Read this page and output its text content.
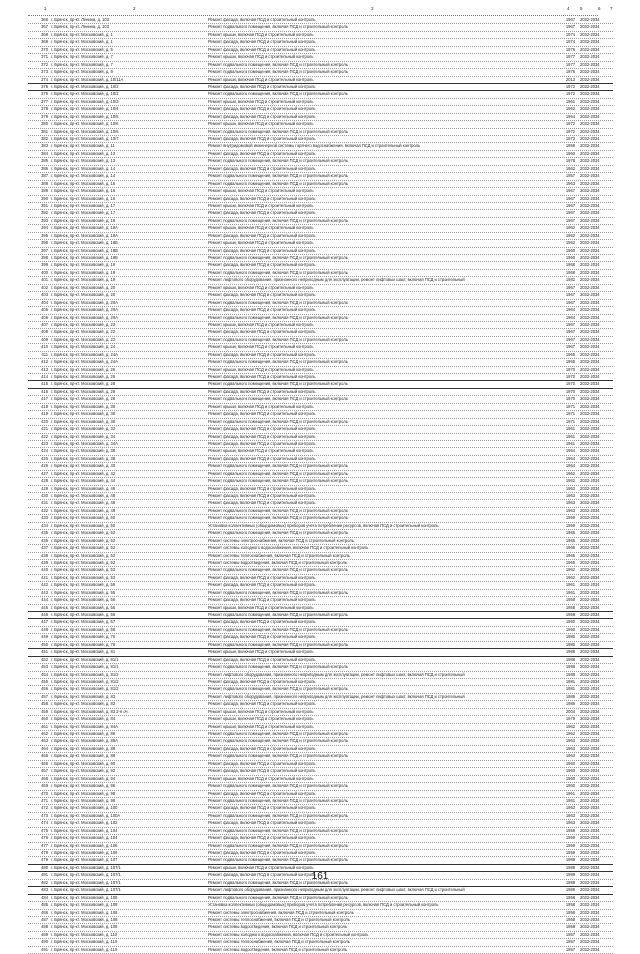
1	2	3	4 5	6 7
366 г. Брянск, пр-кт. Ленина, д. 103	Ремонт фасада, включая ПСД и строительный контроль	1967 2032-2034
367 г. Брянск, пр-кт. Ленина, д. 103	Ремонт подвального помещения, включая ПСД и строительный контроль	1967 2032-2034
368 г. Брянск, пр-кт. Московский, д. 1	Ремонт крыши, включая ПСД и строительный контроль	1974 2032-2034
369 г. Брянск, пр-кт. Московский, д. 1	Ремонт фасада, включая ПСД и строительный контроль	1974 2032-2034
370 г. Брянск, пр-кт. Московский, д. 5	Ремонт фасада, включая ПСД и строительный контроль	1976 2032-2034
371 г. Брянск, пр-кт. Московский, д. 7	Ремонт крыши, включая ПСД и строительный контроль	1977 2032-2034
372 г. Брянск, пр-кт. Московский, д. 7	Ремонт подвального помещения, включая ПСД и строительный контроль	1977 2032-2034
373 г. Брянск, пр-кт. Московский, д. 9	Ремонт подвального помещения, включая ПСД и строительный контроль	1976 2032-2034
374 г. Брянск, пр-кт. Московский, д. 10/11А	Ремонт крыши, включая ПСД и строительный контроль	2013 2032-2034
375 г. Брянск, пр-кт. Московский, д. 10/2	Ремонт фасада, включая ПСД и строительный контроль	1972 2032-2034
376 г. Брянск, пр-кт. Московский, д. 10/2	Ремонт подвального помещения, включая ПСД и строительный контроль	1972 2032-2034
377 г. Брянск, пр-кт. Московский, д. 10/3	Ремонт крыши, включая ПСД и строительный контроль	1961 2032-2034
378 г. Брянск, пр-кт. Московский, д. 10/4	Ремонт фасада, включая ПСД и строительный контроль	1962 2032-2034
379 г. Брянск, пр-кт. Московский, д. 10/5	Ремонт фасада, включая ПСД и строительный контроль	1964 2032-2034
380 г. Брянск, пр-кт. Московский, д. 10/6	Ремонт крыши, включая ПСД и строительный контроль	1972 2032-2034
381 г. Брянск, пр-кт. Московский, д. 10/6	Ремонт подвального помещения, включая ПСД и строительный контроль	1972 2032-2034
382 г. Брянск, пр-кт. Московский, д. 10/7	Ремонт фасада, включая ПСД и строительный контроль	1972 2032-2034
383 г. Брянск, пр-кт. Московский, д. 11	Ремонт внутридомовой инженерной системы горячего водоснабжения, включая ПСД и строительный контроль	1959 2032-2034
384 г. Брянск, пр-кт. Московский, д. 13	Ремонт фасада, включая ПСД и строительный контроль	1960 2032-2034
385 г. Брянск, пр-кт. Московский, д. 13	Ремонт подвального помещения, включая ПСД и строительный контроль	1978 2032-2034
386 г. Брянск, пр-кт. Московский, д. 14	Ремонт фасада, включая ПСД и строительный контроль	1962 2032-2034
387 г. Брянск, пр-кт. Московский, д. 14	Ремонт подвального помещения, включая ПСД и строительный контроль	1957 2032-2034
388 г. Брянск, пр-кт. Московский, д. 15	Ремонт подвального помещения, включая ПСД и строительный контроль	1963 2032-2034
389 г. Брянск, пр-кт. Московский, д. 16	Ремонт крыши, включая ПСД и строительный контроль	1967 2032-2034
390 г. Брянск, пр-кт. Московский, д. 16	Ремонт фасада, включая ПСД и строительный контроль	1967 2032-2034
391 г. Брянск, пр-кт. Московский, д. 17	Ремонт крыши, включая ПСД и строительный контроль	1967 2032-2034
392 г. Брянск, пр-кт. Московский, д. 17	Ремонт фасада, включая ПСД и строительный контроль	1967 2032-2034
393 г. Брянск, пр-кт. Московский, д. 18	Ремонт подвального помещения, включая ПСД и строительный контроль	1967 2032-2034
394 г. Брянск, пр-кт. Московский, д. 18А	Ремонт крыши, включая ПСД и строительный контроль	1962 2032-2034
395 г. Брянск, пр-кт. Московский, д. 18А	Ремонт фасада, включая ПСД и строительный контроль	1962 2032-2034
396 г. Брянск, пр-кт. Московский, д. 18Б	Ремонт крыши, включая ПСД и строительный контроль	1962 2032-2034
397 г. Брянск, пр-кт. Московский, д. 18В	Ремонт фасада, включая ПСД и строительный контроль	1960 2032-2034
398 г. Брянск, пр-кт. Московский, д. 18Б	Ремонт подвального помещения, включая ПСД и строительный контроль	1960 2032-2034
399 г. Брянск, пр-кт. Московский, д. 19	Ремонт фасада, включая ПСД и строительный контроль	1968 2032-2034
400 г. Брянск, пр-кт. Московский, д. 19	Ремонт подвального помещения, включая ПСД и строительный контроль	1968 2032-2034
401 г. Брянск, пр-кт. Московский, д. 19	Ремонт лифтового оборудования, признанного непригодным для эксплуатации, ремонт лифтовых шахт, включая ПСД и строительный	1982 2032-2034
402 г. Брянск, пр-кт. Московский, д. 20	Ремонт крыши, включая ПСД и строительный контроль	1967 2032-2034
403 г. Брянск, пр-кт. Московский, д. 20	Ремонт фасада, включая ПСД и строительный контроль	1967 2032-2034
404 г. Брянск, пр-кт. Московский, д. 20А	Ремонт подвального помещения, включая ПСД и строительный контроль	1967 2032-2034
405 г. Брянск, пр-кт. Московский, д. 20А	Ремонт фасада, включая ПСД и строительный контроль	1964 2032-2034
406 г. Брянск, пр-кт. Московский, д. 20А	Ремонт подвального помещения, включая ПСД и строительный контроль	1964 2032-2034
407 г. Брянск, пр-кт. Московский, д. 22	Ремонт крыши, включая ПСД и строительный контроль	1967 2032-2034
408 г. Брянск, пр-кт. Московский, д. 22	Ремонт фасада, включая ПСД и строительный контроль	1967 2032-2034
409 г. Брянск, пр-кт. Московский, д. 22	Ремонт подвального помещения, включая ПСД и строительный контроль	1967 2032-2034
410 г. Брянск, пр-кт. Московский, д. 24	Ремонт крыши, включая ПСД и строительный контроль	1967 2032-2034
411 г. Брянск, пр-кт. Московский, д. 24А	Ремонт фасада, включая ПСД и строительный контроль	1965 2032-2034
412 г. Брянск, пр-кт. Московский, д. 24А	Ремонт подвального помещения, включая ПСД и строительный контроль	1965 2032-2034
413 г. Брянск, пр-кт. Московский, д. 26	Ремонт крыши, включая ПСД и строительный контроль	1970 2032-2034
414 г. Брянск, пр-кт. Московский, д. 26	Ремонт фасада, включая ПСД и строительный контроль	1970 2032-2034
415 г. Брянск, пр-кт. Московский, д. 28	Ремонт подвального помещения, включая ПСД и строительный контроль	1970 2032-2034
416 г. Брянск, пр-кт. Московский, д. 28	Ремонт фасада, включая ПСД и строительный контроль	1970 2032-2034
417 г. Брянск, пр-кт. Московский, д. 28	Ремонт подвального помещения, включая ПСД и строительный контроль	1970 2032-2034
418 г. Брянск, пр-кт. Московский, д. 30	Ремонт крыши, включая ПСД и строительный контроль	1971 2032-2034
419 г. Брянск, пр-кт. Московский, д. 30	Ремонт фасада, включая ПСД и строительный контроль	1971 2032-2034
420 г. Брянск, пр-кт. Московский, д. 30	Ремонт подвального помещения, включая ПСД и строительный контроль	1971 2032-2034
421 г. Брянск, пр-кт. Московский, д. 32	Ремонт фасада, включая ПСД и строительный контроль	1961 2032-2034
422 г. Брянск, пр-кт. Московский, д. 34	Ремонт фасада, включая ПСД и строительный контроль	1961 2032-2034
423 г. Брянск, пр-кт. Московский, д. 34А	Ремонт фасада, включая ПСД и строительный контроль	1961 2032-2034
424 г. Брянск, пр-кт. Московский, д. 38	Ремонт крыши, включая ПСД и строительный контроль	1964 2032-2034
425 г. Брянск, пр-кт. Московский, д. 38	Ремонт фасада, включая ПСД и строительный контроль	1964 2032-2034
426 г. Брянск, пр-кт. Московский, д. 40	Ремонт подвального помещения, включая ПСД и строительный контроль	1964 2032-2034
427 г. Брянск, пр-кт. Московский, д. 42	Ремонт подвального помещения, включая ПСД и строительный контроль	1962 2032-2034
428 г. Брянск, пр-кт. Московский, д. 44	Ремонт подвального помещения, включая ПСД и строительный контроль	1962 2032-2034
429 г. Брянск, пр-кт. Московский, д. 46	Ремонт фасада, включая ПСД и строительный контроль	1963 2032-2034
430 г. Брянск, пр-кт. Московский, д. 48	Ремонт фасада, включая ПСД и строительный контроль	1963 2032-2034
431 г. Брянск, пр-кт. Московский, д. 48	Ремонт фасада, включая ПСД и строительный контроль	1963 2032-2034
432 г. Брянск, пр-кт. Московский, д. 48	Ремонт подвального помещения, включая ПСД и строительный контроль	1963 2032-2034
433 г. Брянск, пр-кт. Московский, д. 50	Ремонт подвального помещения, включая ПСД и строительный контроль	1959 2032-2034
434 г. Брянск, пр-кт. Московский, д. 50	Установка коллективных (общедомовых) приборов учета потребления ресурсов, включая ПСД и строительный контроль	1959 2032-2034
435 г. Брянск, пр-кт. Московский, д. 52	Ремонт подвального помещения, включая ПСД и строительный контроль	1965 2032-2034
436 г. Брянск, пр-кт. Московский, д. 52	Ремонт системы электроснабжения, включая ПСД и строительный контроль	1965 2032-2034
437 г. Брянск, пр-кт. Московский, д. 52	Ремонт системы холодного водоснабжения, включая ПСД и строительный контроль	1965 2032-2034
438 г. Брянск, пр-кт. Московский, д. 52	Ремонт системы теплоснабжения, включая ПСД и строительный контроль	1965 2032-2034
439 г. Брянск, пр-кт. Московский, д. 52	Ремонт системы водоотведения, включая ПСД и строительный контроль	1965 2032-2034
440 г. Брянск, пр-кт. Московский, д. 53	Ремонт подвального помещения, включая ПСД и строительный контроль	1962 2032-2034
441 г. Брянск, пр-кт. Московский, д. 53	Ремонт фасада, включая ПСД и строительный контроль	1962 2032-2034
442 г. Брянск, пр-кт. Московский, д. 55	Ремонт фасада, включая ПСД и строительный контроль	1961 2032-2034
443 г. Брянск, пр-кт. Московский, д. 55	Ремонт подвального помещения, включая ПСД и строительный контроль	1961 2032-2034
444 г. Брянск, пр-кт. Московский, д. 56	Ремонт фасада, включая ПСД и строительный контроль	1958 2032-2034
445 г. Брянск, пр-кт. Московский, д. 56	Ремонт крыши, включая ПСД и строительный контроль	1958 2032-2034
446 г. Брянск, пр-кт. Московский, д. 56	Ремонт подвального помещения, включая ПСД и строительный контроль	1958 2032-2034
447 г. Брянск, пр-кт. Московский, д. 57	Ремонт фасада, включая ПСД и строительный контроль	1960 2032-2034
448 г. Брянск, пр-кт. Московский, д. 58	Ремонт подвального помещения, включая ПСД и строительный контроль	1960 2032-2034
449 г. Брянск, пр-кт. Московский, д. 76	Ремонт фасада, включая ПСД и строительный контроль	1980 2032-2034
450 г. Брянск, пр-кт. Московский, д. 78	Ремонт подвального помещения, включая ПСД и строительный контроль	1980 2032-2034
451 г. Брянск, пр-кт. Московский, д. 81	Ремонт крыши, включая ПСД и строительный контроль	1988 2032-2034
452 г. Брянск, пр-кт. Московский, д. 81/1	Ремонт фасада, включая ПСД и строительный контроль	1988 2032-2034
453 г. Брянск, пр-кт. Московский, д. 81/1	Ремонт подвального помещения, включая ПСД и строительный контроль	1988 2032-2034
454 г. Брянск, пр-кт. Московский, д. 81/2	Ремонт лифтового оборудования, признанного непригодным для эксплуатации, ремонт лифтовых шахт, включая ПСД и строительный	1988 2032-2034
455 г. Брянск, пр-кт. Московский, д. 81/2	Ремонт фасада, включая ПСД и строительный контроль	1981 2032-2034
456 г. Брянск, пр-кт. Московский, д. 81/2	Ремонт подвального помещения, включая ПСД и строительный контроль	1981 2032-2034
457 г. Брянск, пр-кт. Московский, д. 83	Ремонт лифтового оборудования, признанного непригодным для эксплуатации, ремонт лифтовых шахт, включая ПСД и строительный	1986 2032-2034
458 г. Брянск, пр-кт. Московский, д. 83	Ремонт фасада, включая ПСД и строительный контроль	1986 2032-2034
459 г. Брянск, пр-кт. Московский, д. 83 2-я оч.	Ремонт крыши, включая ПСД и строительный контроль	2004 2032-2034
460 г. Брянск, пр-кт. Московский, д. 84	Ремонт крыши, включая ПСД и строительный контроль	1979 2032-2034
461 г. Брянск, пр-кт. Московский, д. 84А	Ремонт крыши, включая ПСД и строительный контроль	1962 2032-2034
462 г. Брянск, пр-кт. Московский, д. 86	Ремонт подвального помещения, включая ПСД и строительный контроль	1962 2032-2034
463 г. Брянск, пр-кт. Московский, д. 86А	Ремонт подвального помещения, включая ПСД и строительный контроль	1963 2032-2034
464 г. Брянск, пр-кт. Московский, д. 88	Ремонт фасада, включая ПСД и строительный контроль	1963 2032-2034
465 г. Брянск, пр-кт. Московский, д. 88	Ремонт подвального помещения, включая ПСД и строительный контроль	1963 2032-2034
466 г. Брянск, пр-кт. Московский, д. 90	Ремонт фасада, включая ПСД и строительный контроль	1960 2032-2034
467 г. Брянск, пр-кт. Московский, д. 92	Ремонт фасада, включая ПСД и строительный контроль	1960 2032-2034
468 г. Брянск, пр-кт. Московский, д. 94	Ремонт крыши, включая ПСД и строительный контроль	1960 2032-2034
469 г. Брянск, пр-кт. Московский, д. 96	Ремонт подвального помещения, включая ПСД и строительный контроль	1960 2032-2034
470 г. Брянск, пр-кт. Московский, д. 98	Ремонт фасада, включая ПСД и строительный контроль	1961 2032-2034
471 г. Брянск, пр-кт. Московский, д. 98	Ремонт подвального помещения, включая ПСД и строительный контроль	1961 2032-2034
472 г. Брянск, пр-кт. Московский, д. 100	Ремонт фасада, включая ПСД и строительный контроль	1963 2032-2034
473 г. Брянск, пр-кт. Московский, д. 100А	Ремонт подвального помещения, включая ПСД и строительный контроль	1963 2032-2034
474 г. Брянск, пр-кт. Московский, д. 102	Ремонт фасада, включая ПСД и строительный контроль	1963 2032-2034
475 г. Брянск, пр-кт. Московский, д. 104	Ремонт подвального помещения, включая ПСД и строительный контроль	1959 2032-2034
476 г. Брянск, пр-кт. Московский, д. 104	Ремонт фасада, включая ПСД и строительный контроль	1959 2032-2034
477 г. Брянск, пр-кт. Московский, д. 106	Ремонт подвального помещения, включая ПСД и строительный контроль	1959 2032-2034
478 г. Брянск, пр-кт. Московский, д. 106	Ремонт фасада, включая ПСД и строительный контроль	1959 2032-2034
479 г. Брянск, пр-кт. Московский, д. 107	Ремонт подвального помещения, включая ПСД и строительный контроль	1989 2032-2034
480 г. Брянск, пр-кт. Московский, д. 107/1	Ремонт крыши, включая ПСД и строительный контроль	1989 2032-2034
481 г. Брянск, пр-кт. Московский, д. 107/1	Ремонт фасада, включая ПСД и строительный контроль	1989 2032-2034
482 г. Брянск, пр-кт. Московский, д. 107/1	Ремонт подвального помещения, включая ПСД и строительный контроль	1989 2032-2034
483 г. Брянск, пр-кт. Московский, д. 107/1	Ремонт лифтового оборудования, признанного непригодным для эксплуатации, ремонт лифтовых шахт, включая ПСД и строительный	1989 2032-2034
484 г. Брянск, пр-кт. Московский, д. 108	Ремонт подвального помещения, включая ПСД и строительный контроль	1958 2032-2034
485 г. Брянск, пр-кт. Московский, д. 108	Установка коллективных (общедомовых) приборов учета потребления ресурсов, включая ПСД и строительный контроль	1958 2032-2034
486 г. Брянск, пр-кт. Московский, д. 108	Ремонт системы электроснабжения, включая ПСД и строительный контроль	1958 2032-2034
487 г. Брянск, пр-кт. Московский, д. 108	Ремонт системы теплоснабжения, включая ПСД и строительный контроль	1958 2032-2034
488 г. Брянск, пр-кт. Московский, д. 108	Ремонт системы водоотведения, включая ПСД и строительный контроль	1958 2032-2034
489 г. Брянск, пр-кт. Московский, д. 110	Ремонт системы холодного водоснабжения, включая ПСД и строительный контроль	1957 2032-2034
490 г. Брянск, пр-кт. Московский, д. 110	Ремонт системы теплоснабжения, включая ПСД и строительный контроль	1957 2032-2034
491 г. Брянск, пр-кт. Московский, д. 110	Ремонт системы водоотведения, включая ПСД и строительный контроль	1957 2032-2034
161
